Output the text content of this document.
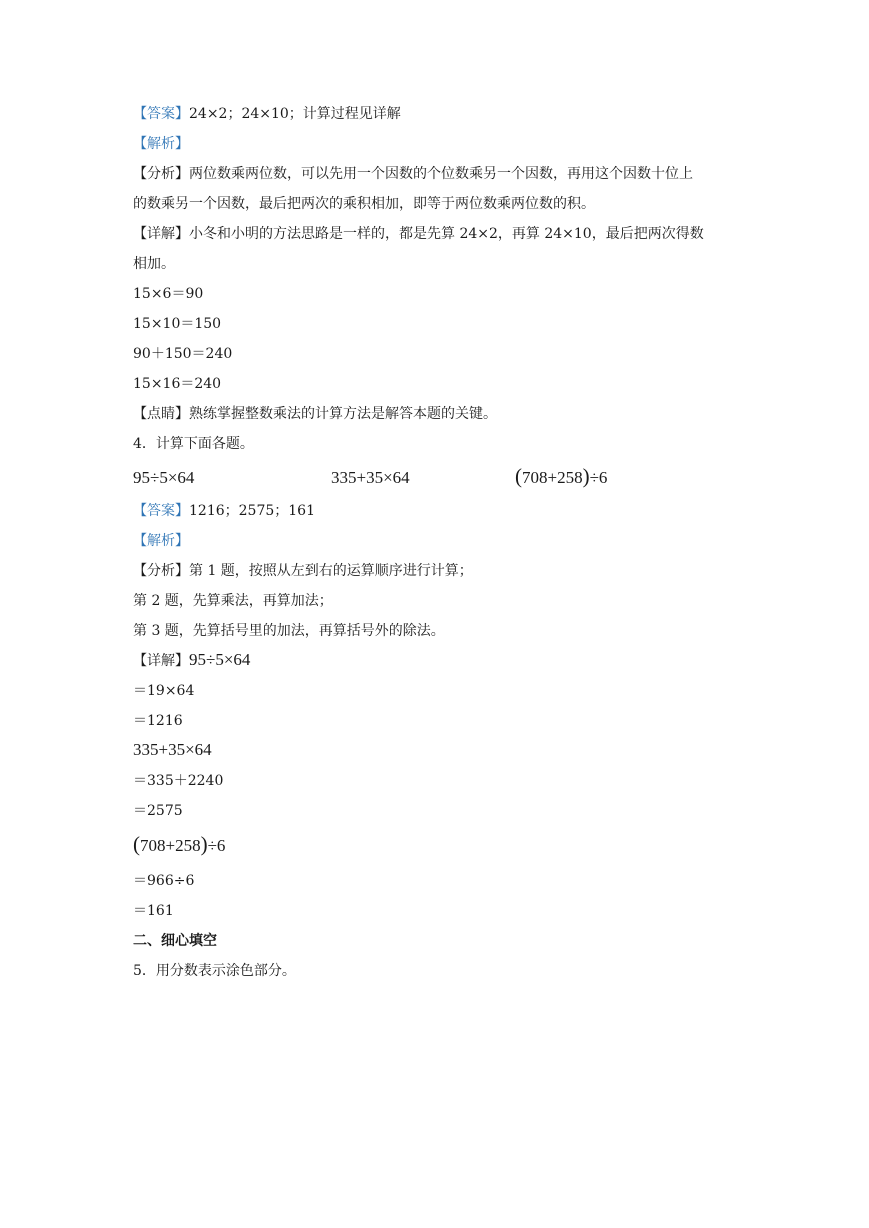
【答案】24×2；24×10；计算过程见详解
【解析】
【分析】两位数乘两位数，可以先用一个因数的个位数乘另一个因数，再用这个因数十位上
的数乘另一个因数，最后把两次的乘积相加，即等于两位数乘两位数的积。
【详解】小冬和小明的方法思路是一样的，都是先算 24×2，再算 24×10，最后把两次得数
相加。
15×6＝90
15×10＝150
90＋150＝240
15×16＝240
【点睛】熟练掌握整数乘法的计算方法是解答本题的关键。
4．计算下面各题。
95÷5×64	335+35×64	(708+258)÷6
【答案】1216；2575；161
【解析】
【分析】第 1 题，按照从左到右的运算顺序进行计算；
第 2 题，先算乘法，再算加法；
第 3 题，先算括号里的加法，再算括号外的除法。
【详解】95÷5×64
＝19×64
＝1216
335+35×64
＝335＋2240
＝2575
(708+258)÷6
＝966÷6
＝161
二、细心填空
5．用分数表示涂色部分。
